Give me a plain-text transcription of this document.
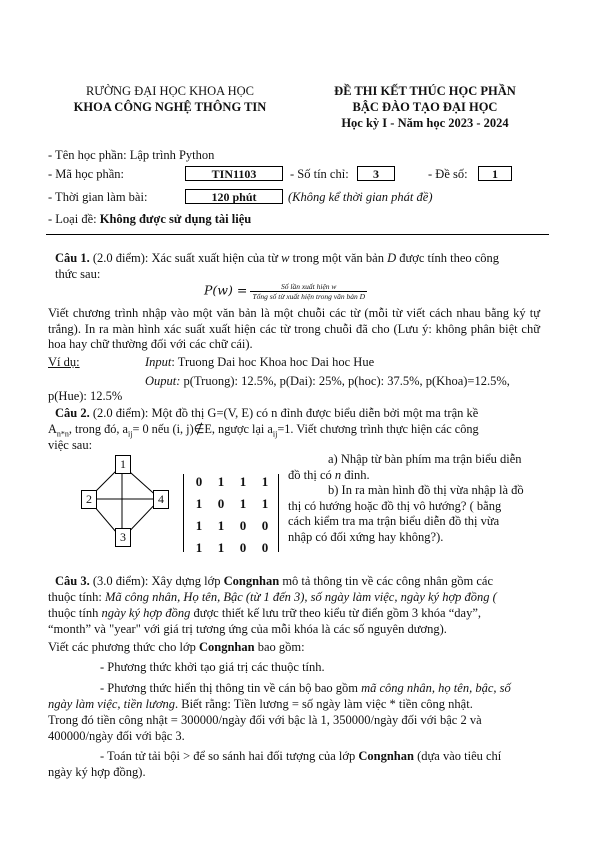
RƯỜNG ĐẠI HỌC KHOA HỌC
KHOA CÔNG NGHỆ THÔNG TIN
ĐỀ THI KẾT THÚC HỌC PHẦN
BẬC ĐÀO TẠO ĐẠI HỌC
Học kỳ I - Năm học 2023 - 2024
- Tên học phần: Lập trình Python
- Mã học phần:	TIN1103	- Số tín chỉ:	3	- Đề số:	1
- Thời gian làm bài:	120 phút	(Không kể thời gian phát đề)
- Loại đề: Không được sử dụng tài liệu
Câu 1. (2.0 điểm): Xác suất xuất hiện của từ w trong một văn bản D được tính theo công
thức sau:
$P(w) = \frac{\text{Số lần xuất hiện w}}{\text{Tổng số từ xuất hiện trong văn bản D}}$
Viết chương trình nhập vào một văn bản là một chuỗi các từ (mỗi từ viết cách nhau bằng ký tự trắng). In ra màn hình xác suất xuất hiện các từ trong chuỗi đã cho (Lưu ý: không phân biệt chữ hoa hay chữ thường đối với các chữ cái).
Ví dụ:	Input: Truong Dai hoc Khoa hoc Dai hoc Hue
Ouput: p(Truong): 12.5%, p(Dai): 25%, p(hoc): 37.5%, p(Khoa)=12.5%,
p(Hue): 12.5%
Câu 2. (2.0 điểm): Một đồ thị G=(V, E) có n đỉnh được biểu diễn bởi một ma trận kề
$A_{n*n}$, trong đó, $a_{ij}= 0$ nếu (i, j)∉E, ngược lại $a_{ij}=1$. Viết chương trình thực hiện các công
việc sau:
1
2
3
4
0	1	1	1
1	0	1	1
1	1	0	0
1	1	0	0
a) Nhập từ bàn phím ma trận biểu diễn
đồ thị có n đỉnh.
b) In ra màn hình đồ thị vừa nhập là đồ
thị có hướng hoặc đồ thị vô hướng? ( bằng
cách kiểm tra ma trận biểu diễn đồ thị vừa
nhập có đối xứng hay không?).
Câu 3. (3.0 điểm): Xây dựng lớp Congnhan mô tả thông tin về các công nhân gồm các
thuộc tính: Mã công nhân, Họ tên, Bậc (từ 1 đến 3), số ngày làm việc, ngày ký hợp đồng (
thuộc tính ngày ký hợp đồng được thiết kế lưu trữ theo kiểu từ điển gồm 3 khóa “day”,
“month” và "year" với giá trị tương ứng của mỗi khóa là các số nguyên dương).
Viết các phương thức cho lớp Congnhan bao gồm:
- Phương thức khởi tạo giá trị các thuộc tính.
- Phương thức hiển thị thông tin về cán bộ bao gồm mã công nhân, họ tên, bậc, số
ngày làm việc, tiền lương. Biết rằng: Tiền lương = số ngày làm việc * tiền công nhật.
Trong đó tiền công nhật = 300000/ngày đối với bậc là 1, 350000/ngày đối với bậc 2 và
400000/ngày đối với bậc 3.
- Toán tử tải bội > để so sánh hai đối tượng của lớp Congnhan (dựa vào tiêu chí
ngày ký hợp đồng).
